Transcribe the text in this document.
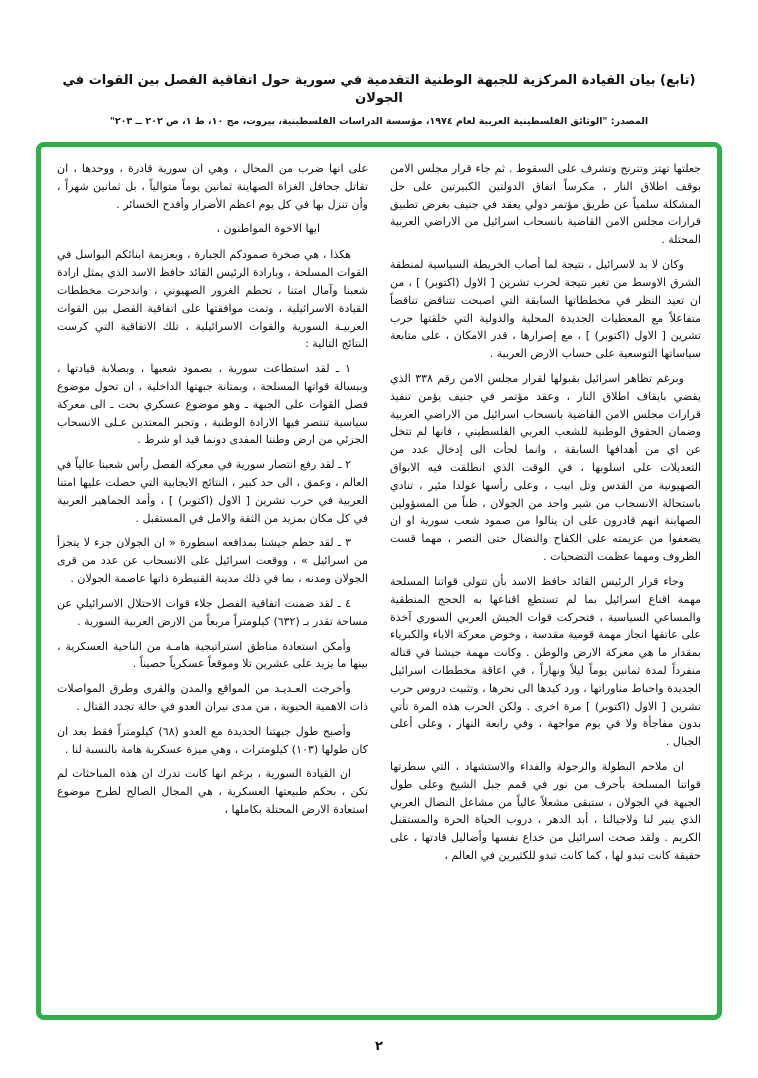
(تابع) بيان القيادة المركزية للجبهة الوطنية التقدمية في سورية حول اتفاقية الفصل بين القوات في الجولان
المصدر: "الوثائق الفلسطينية العربية لعام ١٩٧٤، مؤسسة الدراسات الفلسطينية، بيروت، مج ١٠، ط ١، ص ٢٠٢ ــ ٢٠٣"

جعلتها تهتز وتترنح وتشرف على السقوط . ثم جاء قرار مجلس الامن بوقف اطلاق النار ، مكرساً اتفاق الدولتين الكبيرتين على حل المشكلة سلمياً عن طريق مؤتمر دولي يعقد في جنيف بغرض تطبيق قرارات مجلس الامن القاضية بانسحاب اسرائيل من الاراضي العربية المحتلة .

وكان لا بد لاسرائيل ، نتيجة لما أصاب الخريطة السياسية لمنطقة الشرق الاوسط من تغير نتيجة لحرب تشرين [ الاول (اكتوبر) ] ، من ان تعيد النظر في مخططاتها السابقة التي اصبحت تتناقض تناقضاً متفاعلاً مع المعطيات الجديدة المحلية والدولية التي خلقتها حرب تشرين [ الاول (اكتوبر) ] ، مع إصرارها ، قدر الامكان ، على متابعة سياساتها التوسعية على حساب الارض العربية .

وبرغم تظاهر اسرائيل بقبولها لقرار مجلس الامن رقم ٣٣٨ الذي يقضي بايقاف اطلاق النار ، وعقد مؤتمر في جنيف يؤمن تنفيذ قرارات مجلس الامن القاضية بانسحاب اسرائيل من الاراضي العربية وضمان الحقوق الوطنية للشعب العربي الفلسطيني ، فانها لم تتخل عن اي من أهدافها السابقة ، وانما لجأت الى إدخال عدد من التعديلات على اسلوبها ، في الوقت الذي انطلقت فيه الابواق الصهيونية من القدس وتل ابيب ، وعلى رأسها غولدا مئير ، تنادي باستحالة الانسحاب من شبر واحد من الجولان ، ظناً من المسؤولين الصهاينة انهم قادرون على ان ينالوا من صمود شعب سورية او ان يضعفوا من عزيمته على الكفاح والنضال حتى النصر ، مهما قست الظروف ومهما عظمت التضحيات .

وجاء قرار الرئيس القائد حافظ الاسد بأن تتولى قواتنا المسلحة مهمة اقناع اسرائيل بما لم تستطع اقناعها به الحجج المنطقية والمساعي السياسية ، فتحركت قوات الجيش العربي السوري آخذة على عاتقها انجاز مهمة قومية مقدسة ، وخوض معركة الاباء والكبرياء بمقدار ما هي معركة الارض والوطن . وكانت مهمة جيشنا في قتاله منفرداً لمدة ثمانين يوماً ليلاً ونهاراً ، في اعاقة مخططات اسرائيل الجديدة واحباط مناوراتها ، ورد كيدها الى نحرها ، وتثبيت دروس حرب تشرين [ الاول (اكتوبر) ] مرة اخرى . ولكن الحرب هذه المرة تأتي بدون مفاجأة ولا في يوم مواجهة ، وفي رابعة النهار ، وعلى أعلى الجبال .

ان ملاحم البطولة والرجولة والفداء والاستشهاد ، التي سطرتها قواتنا المسلحة بأحرف من نور في قمم جبل الشيخ وعلى طول الجبهة في الجولان ، ستبقى مشعلاً عالياً من مشاعل النضال العربي الذي ينير لنا ولاجيالنا ، أبد الدهر ، دروب الحياة الحرة والمستقبل الكريم . ولقد صحت اسرائيل من خداع نفسها وأضاليل قادتها ، على حقيقة كانت تبدو لها ، كما كانت تبدو للكثيرين في العالم ،

على انها ضرب من المحال ، وهي ان سورية قادرة ، ووحدها ، ان تقاتل جحافل الغزاة الصهاينة ثمانين يوماً متوالياً ، بل ثمانين شهراً ، وأن تنزل بها في كل يوم اعظم الأضرار وأفدح الخسائر .

ايها الاخوة المواطنون ،

هكذا ، هي صخرة صمودكم الجبارة ، وبعزيمة ابنائكم البواسل في القوات المسلحة ، وبارادة الرئيس القائد حافظ الاسد الذي يمثل ارادة شعبنا وآمال امتنا ، تحطم الغرور الصهيوني ، واندحرت مخططات القيادة الاسرائيلية ، وتمت موافقتها على اتفاقية الفصل بين القوات العربيـة السورية والقوات الاسرائيلية ، تلك الاتفاقية التي كرست النتائج التالية :

١ ـ لقد استطاعت سورية ، بصمود شعبها ، وبصلابة قيادتها ، وببسالة قواتها المسلحة ، وبمتانة جبهتها الداخلية ، ان تحول موضوع فصل القوات على الجبهة ـ وهو موضوع عسكري بحت ـ الى معركة سياسية تنتصر فيها الارادة الوطنية ، وتجبر المعتدين عـلى الانسحاب الجزئي من ارض وطننا المفدى دونما قيد او شرط .

٢ ـ لقد رفع انتصار سورية في معركة الفصل رأس شعبنا عالياً في العالم ، وعمق ، الى حد كبير ، النتائج الايجابية التي حصلت عليها امتنا العربية في حرب تشرين [ الاول (اكتوبر) ] ، وأمد الجماهير العربية في كل مكان بمزيد من الثقة والامل في المستقبل .

٣ ـ لقد حطم جيشنا بمدافعه اسطورة « ان الجولان جزء لا يتجزأ من اسرائيل » ، ووقعت اسرائيل على الانسحاب عن عدد من قرى الجولان ومدنه ، بما في ذلك مدينة القنيطرة ذاتها عاصمة الجولان .

٤ ـ لقد ضمنت اتفاقية الفصل جلاء قوات الاحتلال الاسرائيلي عن مساحة تقدر بـ (٦٣٢) كيلومتراً مربعاً من الارض العربية السورية .

وأمكن استعادة مناطق استراتيجية هامـة من الناحية العسكرية ، بينها ما يزيد على عشرين تلا وموقعاً عسكرياً حصيناً .

وأخرجت العـديـد من المواقع والمدن والقرى وطرق المواصلات ذات الاهمية الحيوية ، من مدى نيران العدو في حالة تجدد القتال .

وأصبح طول جبهتنا الجديدة مع العدو (٦٨) كيلومتراً فقط بعد ان كان طولها (١٠٣) كيلومترات ، وهي ميزة عسكرية هامة بالنسبة لنا .

ان القيادة السورية ، برغم انها كانت تدرك ان هذه المباحثات لم تكن ، بحكم طبيعتها العسكرية ، هي المجال الصالح لطرح موضوع استعادة الارض المحتلة بكاملها ،

٢
